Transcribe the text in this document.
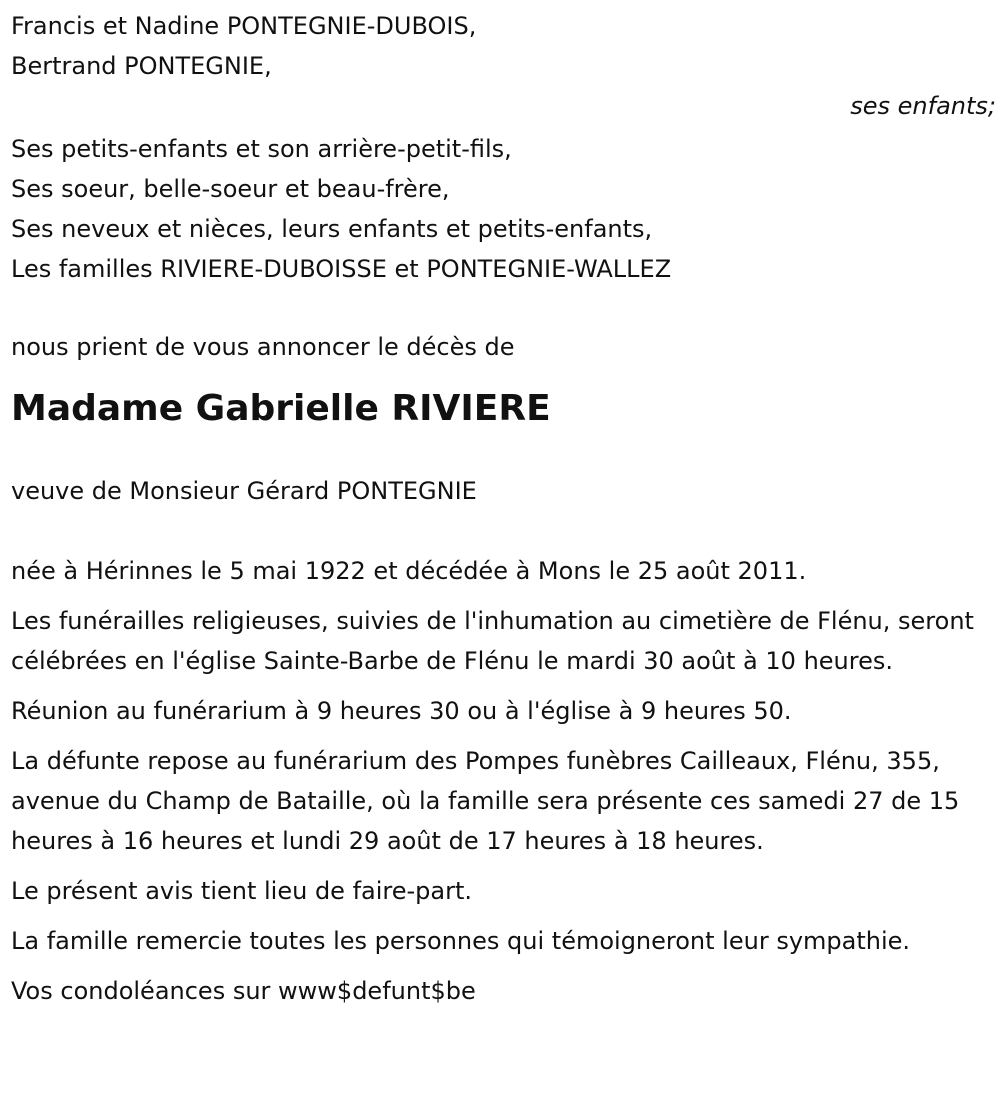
Francis et Nadine PONTEGNIE-DUBOIS,
Bertrand PONTEGNIE,
ses enfants;
Ses petits-enfants et son arrière-petit-fils,
Ses soeur, belle-soeur et beau-frère,
Ses neveux et nièces, leurs enfants et petits-enfants,
Les familles RIVIERE-DUBOISSE et PONTEGNIE-WALLEZ
nous prient de vous annoncer le décès de
Madame Gabrielle RIVIERE
veuve de Monsieur Gérard PONTEGNIE
née à Hérinnes le 5 mai 1922 et décédée à Mons le 25 août 2011.
Les funérailles religieuses, suivies de l'inhumation au cimetière de Flénu, seront célébrées en l'église Sainte-Barbe de Flénu le mardi 30 août à 10 heures.
Réunion au funérarium à 9 heures 30 ou à l'église à 9 heures 50.
La défunte repose au funérarium des Pompes funèbres Cailleaux, Flénu, 355, avenue du Champ de Bataille, où la famille sera présente ces samedi 27 de 15 heures à 16 heures et lundi 29 août de 17 heures à 18 heures.
Le présent avis tient lieu de faire-part.
La famille remercie toutes les personnes qui témoigneront leur sympathie.
Vos condoléances sur www$defunt$be
